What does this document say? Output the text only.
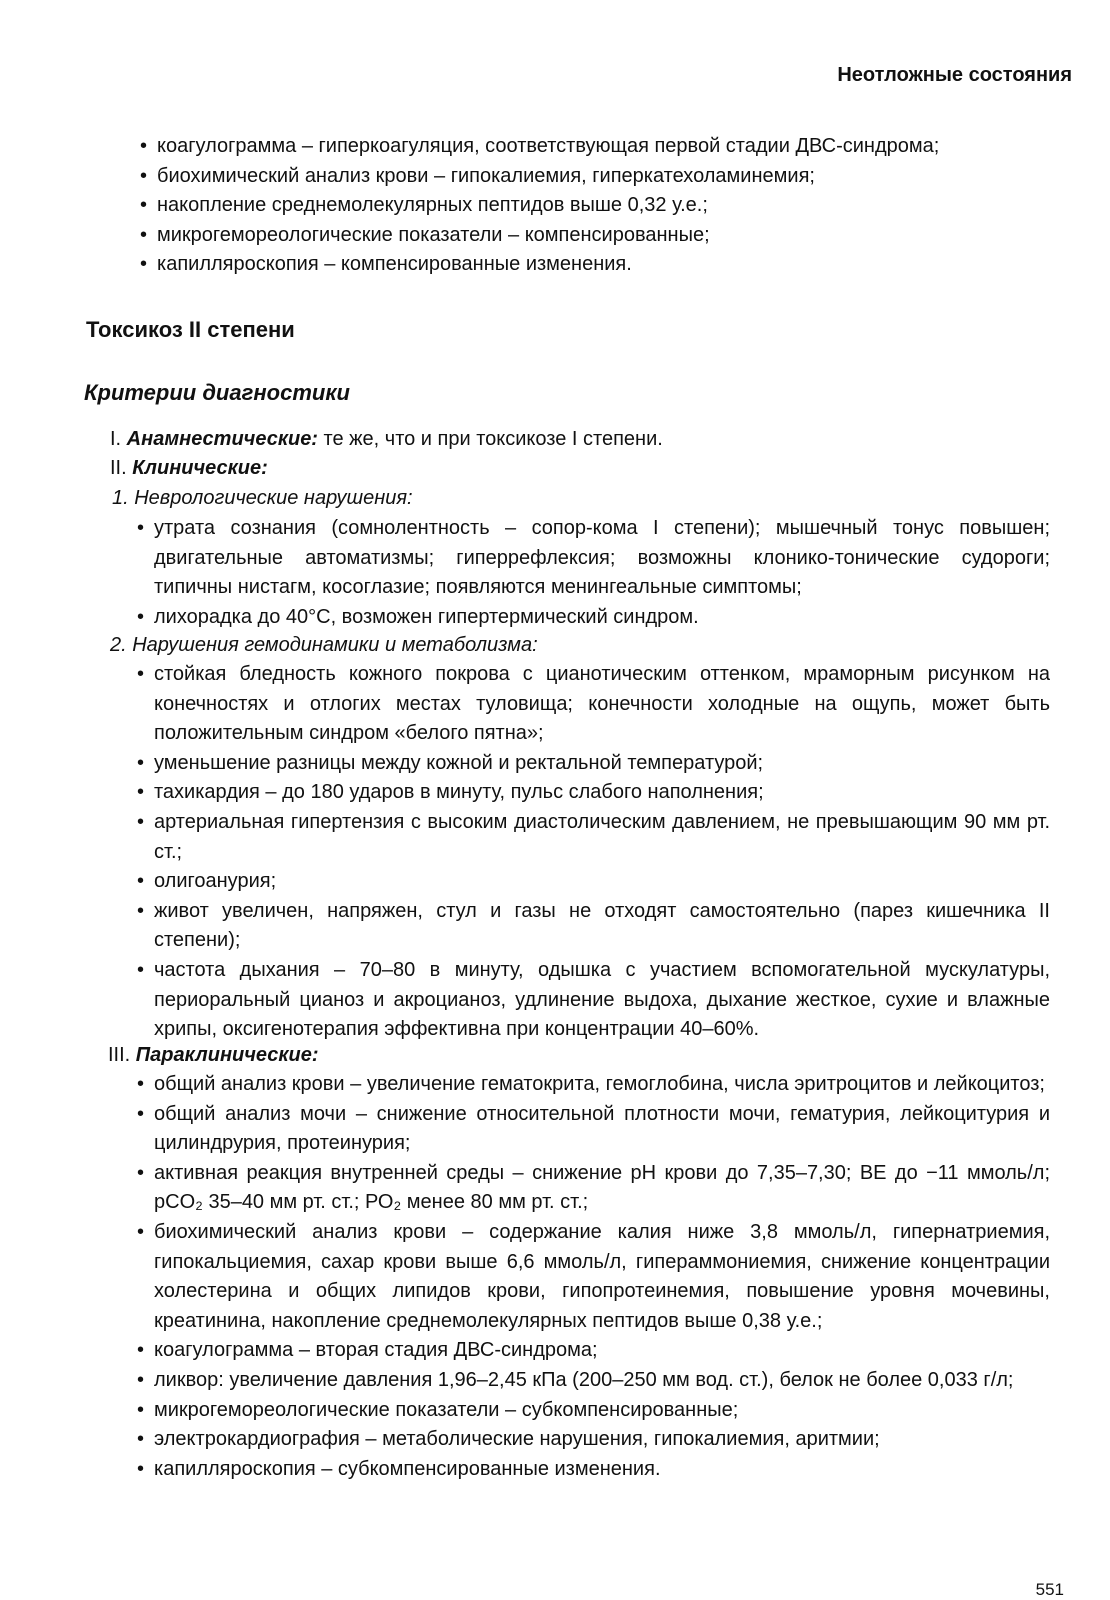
Неотложные состояния

• коагулограмма – гиперкоагуляция, соответствующая первой стадии ДВС-синдрома;

• биохимический анализ крови – гипокалиемия, гиперкатехоламинемия;

• накопление среднемолекулярных пептидов выше 0,32 у.е.;

• микрогемореологические показатели – компенсированные;

• капилляроскопия – компенсированные изменения.

Токсикоз II степени
Критерии диагностики
I. Анамнестические: те же, что и при токсикозе I степени.
II. Клинические:
1. Неврологические нарушения:

• утрата сознания (сомнолентность – сопор-кома I степени); мышечный тонус повышен; двигательные автоматизмы; гиперрефлексия; возможны клонико-тонические судороги; типичны нистагм, косоглазие; появляются менингеальные симптомы;

• лихорадка до 40°С, возможен гипертермический синдром.

2. Нарушения гемодинамики и метаболизма:

• стойкая бледность кожного покрова с цианотическим оттенком, мраморным рисунком на конечностях и отлогих местах туловища; конечности холодные на ощупь, может быть положительным синдром «белого пятна»;

• уменьшение разницы между кожной и ректальной температурой;

• тахикардия – до 180 ударов в минуту, пульс слабого наполнения;

• артериальная гипертензия с высоким диастолическим давлением, не превышающим 90 мм рт. ст.;

• олигоанурия;

• живот увеличен, напряжен, стул и газы не отходят самостоятельно (парез кишечника II степени);

• частота дыхания – 70–80 в минуту, одышка с участием вспомогательной мускулатуры, периоральный цианоз и акроцианоз, удлинение выдоха, дыхание жесткое, сухие и влажные хрипы, оксигенотерапия эффективна при концентрации 40–60%.

III. Параклинические:

• общий анализ крови – увеличение гематокрита, гемоглобина, числа эритроцитов и лейкоцитоз;

• общий анализ мочи – снижение относительной плотности мочи, гематурия, лейкоцитурия и цилиндрурия, протеинурия;

• активная реакция внутренней среды – снижение рН крови до 7,35–7,30; ВЕ до −11 ммоль/л; рCO₂ 35–40 мм рт. ст.; РО₂ менее 80 мм рт. ст.;

• биохимический анализ крови – содержание калия ниже 3,8 ммоль/л, гипернатриемия, гипокальциемия, сахар крови выше 6,6 ммоль/л, гипераммониемия, снижение концентрации холестерина и общих липидов крови, гипопротеинемия, повышение уровня мочевины, креатинина, накопление среднемолекулярных пептидов выше 0,38 у.е.;

• коагулограмма – вторая стадия ДВС-синдрома;

• ликвор: увеличение давления 1,96–2,45 кПа (200–250 мм вод. ст.), белок не более 0,033 г/л;

• микрогемореологические показатели – субкомпенсированные;

• электрокардиография – метаболические нарушения, гипокалиемия, аритмии;

• капилляроскопия – субкомпенсированные изменения.

551
